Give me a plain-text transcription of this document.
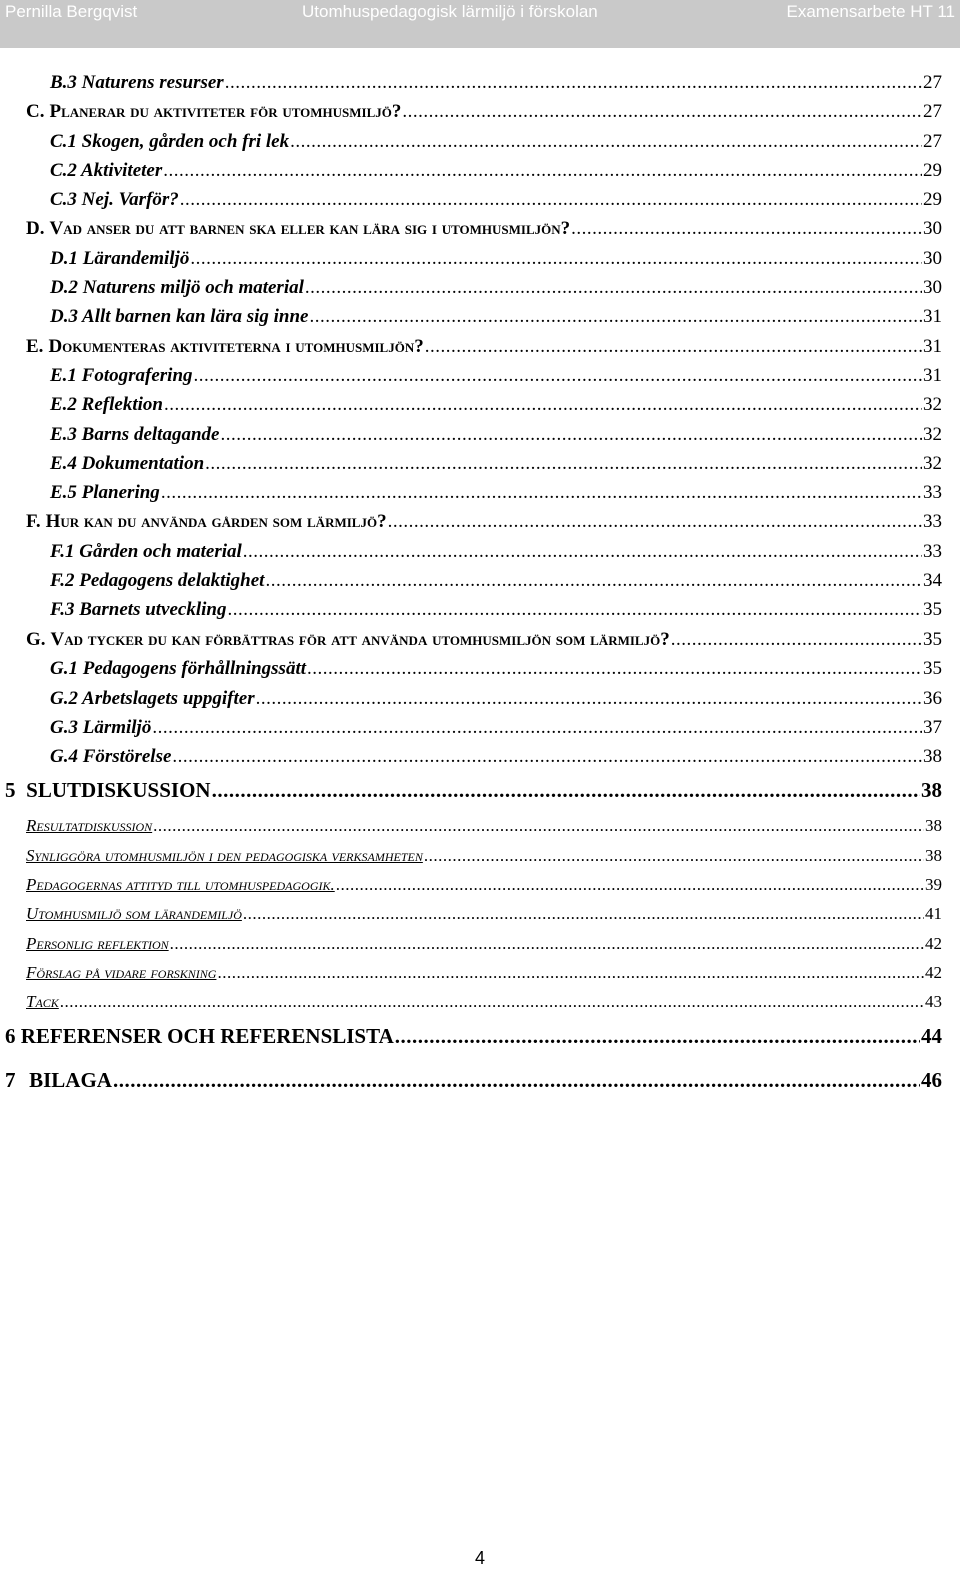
Pernilla Bergqvist	Utomhuspedagogisk lärmiljö i förskolan	Examensarbete HT 11
B.3 Naturens resurser .....	27
C. Planerar du aktiviteter för utomhusmiljö? .....	27
C.1 Skogen, gården och fri lek .....	27
C.2 Aktiviteter .....	29
C.3 Nej. Varför? .....	29
D. Vad anser du att barnen ska eller kan lära sig i utomhusmiljön? .....	30
D.1 Lärandemiljö .....	30
D.2 Naturens miljö och material .....	30
D.3 Allt barnen kan lära sig inne .....	31
E. Dokumenteras aktiviteterna i utomhusmiljön? .....	31
E.1 Fotografering .....	31
E.2 Reflektion .....	32
E.3 Barns deltagande .....	32
E.4 Dokumentation .....	32
E.5 Planering .....	33
F. Hur kan du använda gården som lärmiljö? .....	33
F.1 Gården och material .....	33
F.2 Pedagogens delaktighet .....	34
F.3 Barnets utveckling .....	35
G. Vad tycker du kan förbättras för att använda utomhusmiljön som lärmiljö? .....	35
G.1 Pedagogens förhållningssätt .....	35
G.2 Arbetslagets uppgifter .....	36
G.3 Lärmiljö .....	37
G.4 Förstörelse .....	38
5 SLUTDISKUSSION .....	38
Resultatdiskussion .....	38
Synliggöra utomhusmiljön i den pedagogiska verksamheten .....	38
Pedagogernas attityd till utomhuspedagogik. .....	39
Utomhusmiljö som lärandemiljö .....	41
Personlig reflektion .....	42
Förslag på vidare forskning .....	42
Tack .....	43
6 REFERENSER OCH REFERENSLISTA .....	44
7 BILAGA .....	46
4
